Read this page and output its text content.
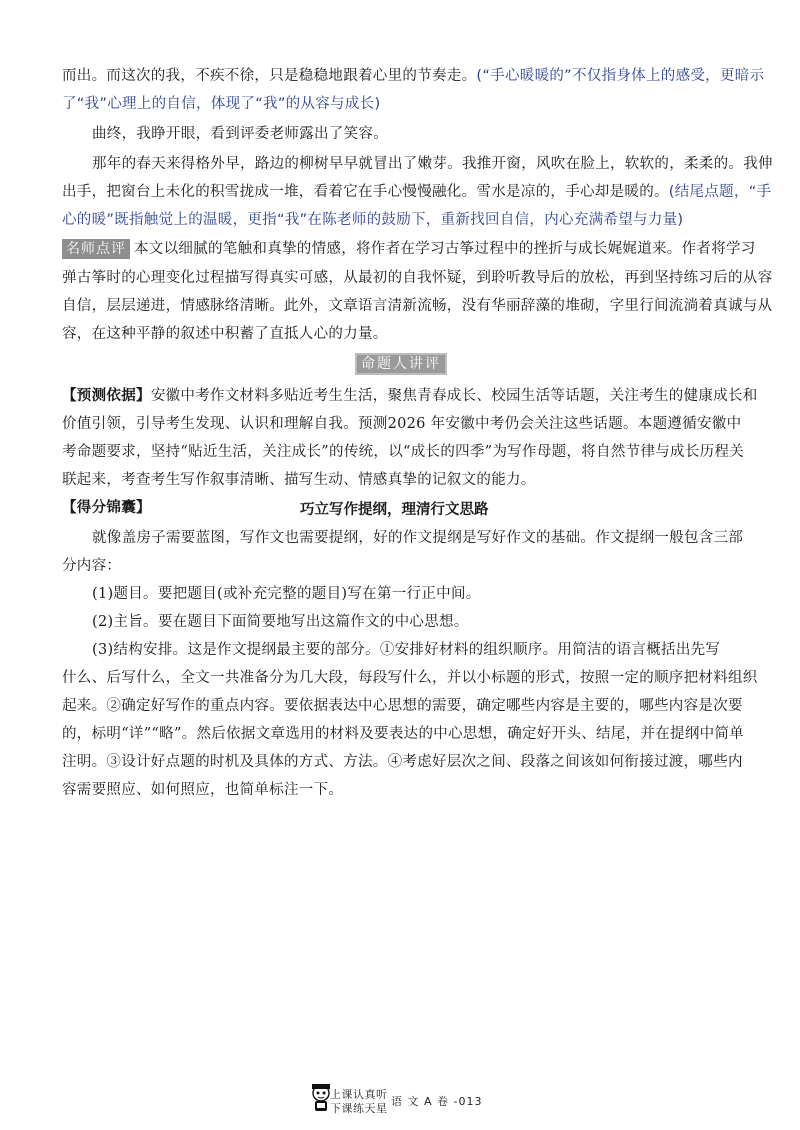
而出。而这次的我，不疾不徐，只是稳稳地跟着心里的节奏走。(“手心暖暖的”不仅指身体上的感受，更暗示
了“我”心理上的自信，体现了“我”的从容与成长)
曲终，我睁开眼，看到评委老师露出了笑容。
那年的春天来得格外早，路边的柳树早早就冒出了嫩芽。我推开窗，风吹在脸上，软软的，柔柔的。我伸
出手，把窗台上未化的积雪拢成一堆，看着它在手心慢慢融化。雪水是凉的，手心却是暖的。(结尾点题，“手
心的暖”既指触觉上的温暖，更指“我”在陈老师的鼓励下，重新找回自信，内心充满希望与力量)
名师点评 本文以细腻的笔触和真挚的情感，将作者在学习古筝过程中的挫折与成长娓娓道来。作者将学习
弹古筝时的心理变化过程描写得真实可感，从最初的自我怀疑，到聆听教导后的放松，再到坚持练习后的从容
自信，层层递进，情感脉络清晰。此外，文章语言清新流畅，没有华丽辞藻的堆砌，字里行间流淌着真诚与从
容，在这种平静的叙述中积蓄了直抵人心的力量。
命题人讲评
【预测依据】安徽中考作文材料多贴近考生生活，聚焦青春成长、校园生活等话题，关注考生的健康成长和
价值引领，引导考生发现、认识和理解自我。预测2026 年安徽中考仍会关注这些话题。本题遵循安徽中
考命题要求，坚持“贴近生活，关注成长”的传统，以“成长的四季”为写作母题，将自然节律与成长历程关
联起来，考查考生写作叙事清晰、描写生动、情感真挚的记叙文的能力。
【得分锦囊】	巧立写作提纲，理清行文思路
就像盖房子需要蓝图，写作文也需要提纲，好的作文提纲是写好作文的基础。作文提纲一般包含三部
分内容：
(1)题目。要把题目(或补充完整的题目)写在第一行正中间。
(2)主旨。要在题目下面简要地写出这篇作文的中心思想。
(3)结构安排。这是作文提纲最主要的部分。①安排好材料的组织顺序。用简洁的语言概括出先写
什么、后写什么，全文一共准备分为几大段，每段写什么，并以小标题的形式，按照一定的顺序把材料组织
起来。②确定好写作的重点内容。要依据表达中心思想的需要，确定哪些内容是主要的，哪些内容是次要
的，标明“详”“略”。然后依据文章选用的材料及要表达的中心思想，确定好开头、结尾，并在提纲中简单
注明。③设计好点题的时机及具体的方式、方法。④考虑好层次之间、段落之间该如何衔接过渡，哪些内
容需要照应、如何照应，也简单标注一下。
上课认真听
下课练天星
语 文 A 卷 -013
